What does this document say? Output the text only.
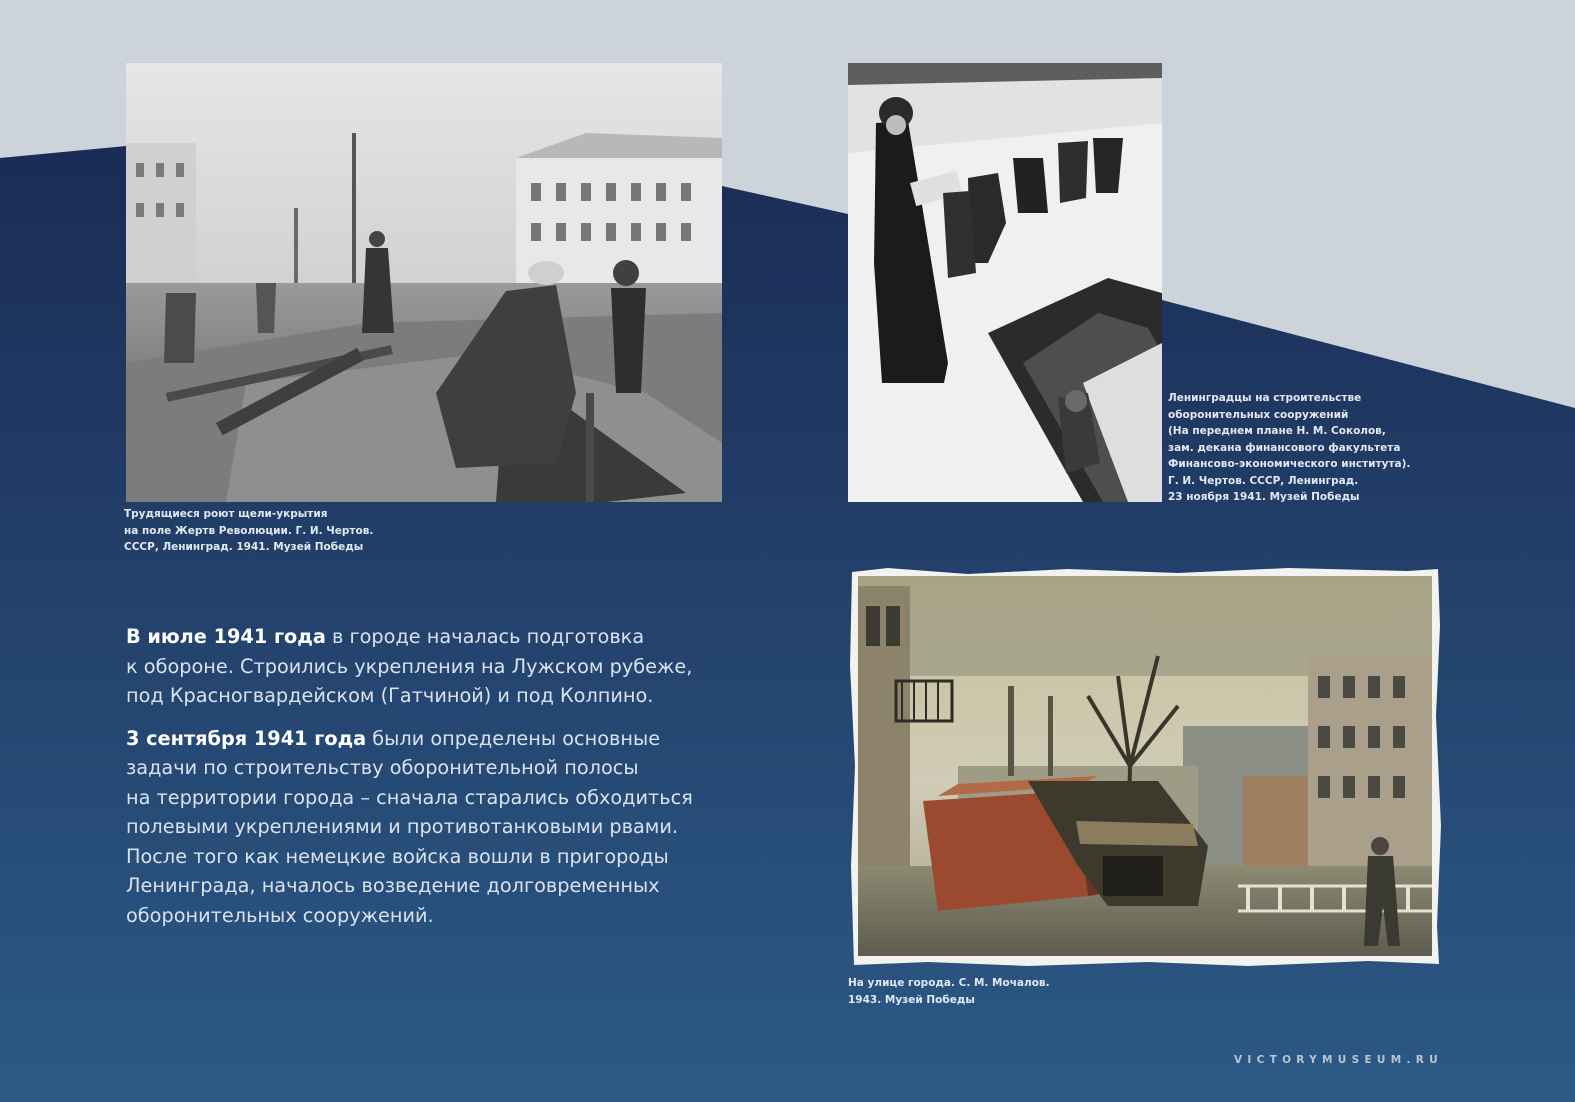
Трудящиеся роют щели-укрытия
на поле Жертв Революции. Г. И. Чертов.
СССР, Ленинград. 1941. Музей Победы

Ленинградцы на строительстве
оборонительных сооружений
(На переднем плане Н. М. Соколов,
зам. декана финансового факультета
Финансово-экономического института).
Г. И. Чертов. СССР, Ленинград.
23 ноября 1941. Музей Победы

На улице города. С. М. Мочалов.
1943. Музей Победы

В июле 1941 года в городе началась подготовка
к обороне. Строились укрепления на Лужском рубеже,
под Красногвардейском (Гатчиной) и под Колпино.

3 сентября 1941 года были определены основные
задачи по строительству оборонительной полосы
на территории города – сначала старались обходиться
полевыми укреплениями и противотанковыми рвами.
После того как немецкие войска вошли в пригороды
Ленинграда, началось возведение долговременных
оборонительных сооружений.

VICTORYMUSEUM.RU
